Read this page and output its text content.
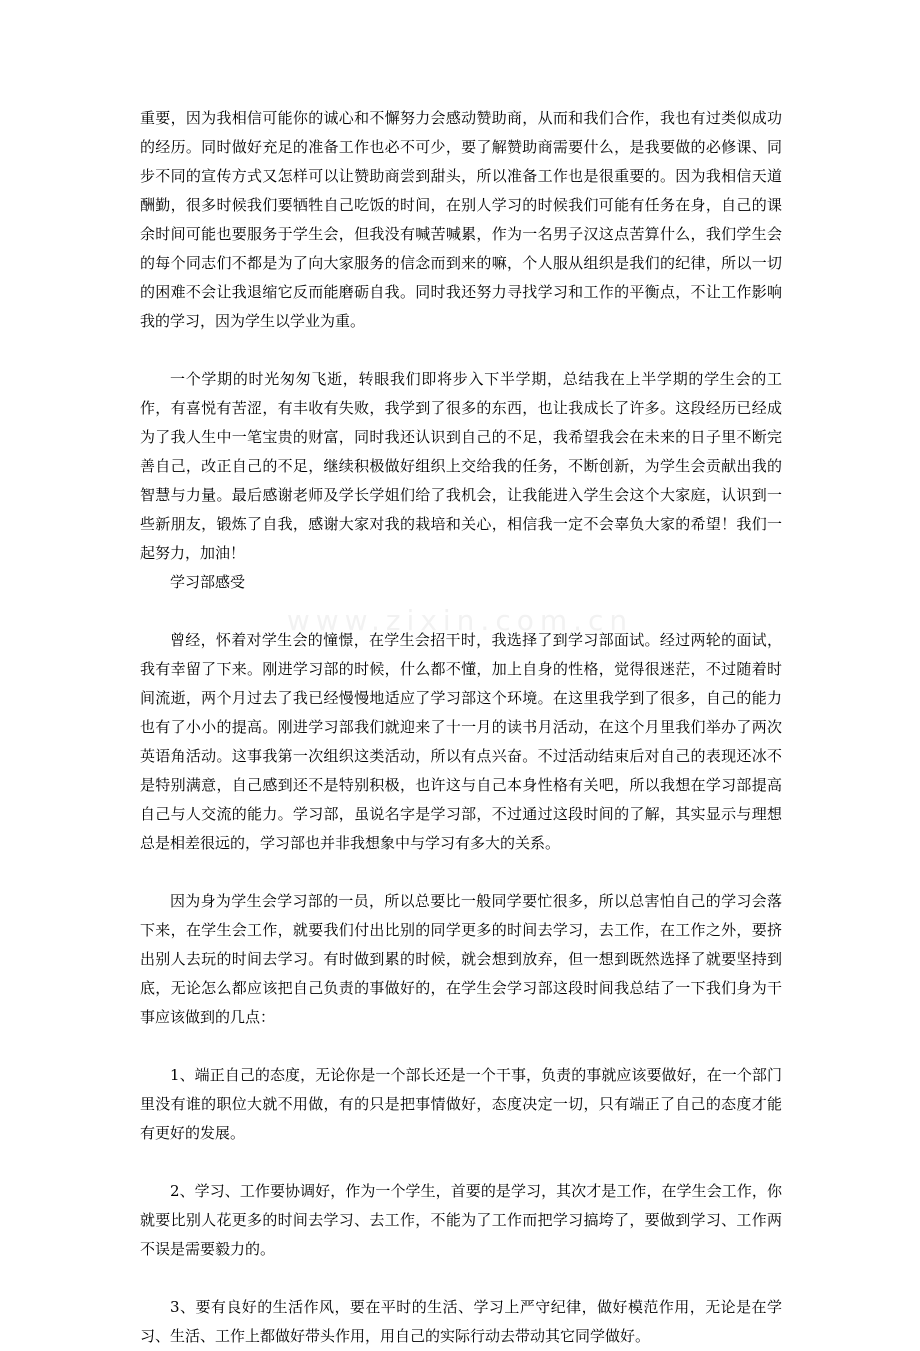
www.zixin.com.cn

重要，因为我相信可能你的诚心和不懈努力会感动赞助商，从而和我们合作，我也有过类似成功的经历。同时做好充足的准备工作也必不可少，要了解赞助商需要什么，是我要做的必修课、同步不同的宣传方式又怎样可以让赞助商尝到甜头，所以准备工作也是很重要的。因为我相信天道酬勤，很多时候我们要牺牲自己吃饭的时间，在别人学习的时候我们可能有任务在身，自己的课余时间可能也要服务于学生会，但我没有喊苦喊累，作为一名男子汉这点苦算什么，我们学生会的每个同志们不都是为了向大家服务的信念而到来的嘛，个人服从组织是我们的纪律，所以一切的困难不会让我退缩它反而能磨砺自我。同时我还努力寻找学习和工作的平衡点，不让工作影响我的学习，因为学生以学业为重。

一个学期的时光匆匆飞逝，转眼我们即将步入下半学期，总结我在上半学期的学生会的工作，有喜悦有苦涩，有丰收有失败，我学到了很多的东西，也让我成长了许多。这段经历已经成为了我人生中一笔宝贵的财富，同时我还认识到自己的不足，我希望我会在未来的日子里不断完善自己，改正自己的不足，继续积极做好组织上交给我的任务，不断创新，为学生会贡献出我的智慧与力量。最后感谢老师及学长学姐们给了我机会，让我能进入学生会这个大家庭，认识到一些新朋友，锻炼了自我，感谢大家对我的栽培和关心，相信我一定不会辜负大家的希望！我们一起努力，加油！

学习部感受

曾经，怀着对学生会的憧憬，在学生会招干时，我选择了到学习部面试。经过两轮的面试，我有幸留了下来。刚进学习部的时候，什么都不懂，加上自身的性格，觉得很迷茫，不过随着时间流逝，两个月过去了我已经慢慢地适应了学习部这个环境。在这里我学到了很多，自己的能力也有了小小的提高。刚进学习部我们就迎来了十一月的读书月活动，在这个月里我们举办了两次英语角活动。这事我第一次组织这类活动，所以有点兴奋。不过活动结束后对自己的表现还冰不是特别满意，自己感到还不是特别积极，也许这与自己本身性格有关吧，所以我想在学习部提高自己与人交流的能力。学习部，虽说名字是学习部，不过通过这段时间的了解，其实显示与理想总是相差很远的，学习部也并非我想象中与学习有多大的关系。

因为身为学生会学习部的一员，所以总要比一般同学要忙很多，所以总害怕自己的学习会落下来，在学生会工作，就要我们付出比别的同学更多的时间去学习，去工作，在工作之外，要挤出别人去玩的时间去学习。有时做到累的时候，就会想到放弃，但一想到既然选择了就要坚持到底，无论怎么都应该把自己负责的事做好的，在学生会学习部这段时间我总结了一下我们身为干事应该做到的几点：

1、端正自己的态度，无论你是一个部长还是一个干事，负责的事就应该要做好，在一个部门里没有谁的职位大就不用做，有的只是把事情做好，态度决定一切，只有端正了自己的态度才能有更好的发展。

2、学习、工作要协调好，作为一个学生，首要的是学习，其次才是工作，在学生会工作，你就要比别人花更多的时间去学习、去工作，不能为了工作而把学习搞垮了，要做到学习、工作两不误是需要毅力的。

3、要有良好的生活作风，要在平时的生活、学习上严守纪律，做好模范作用，无论是在学习、生活、工作上都做好带头作用，用自己的实际行动去带动其它同学做好。
